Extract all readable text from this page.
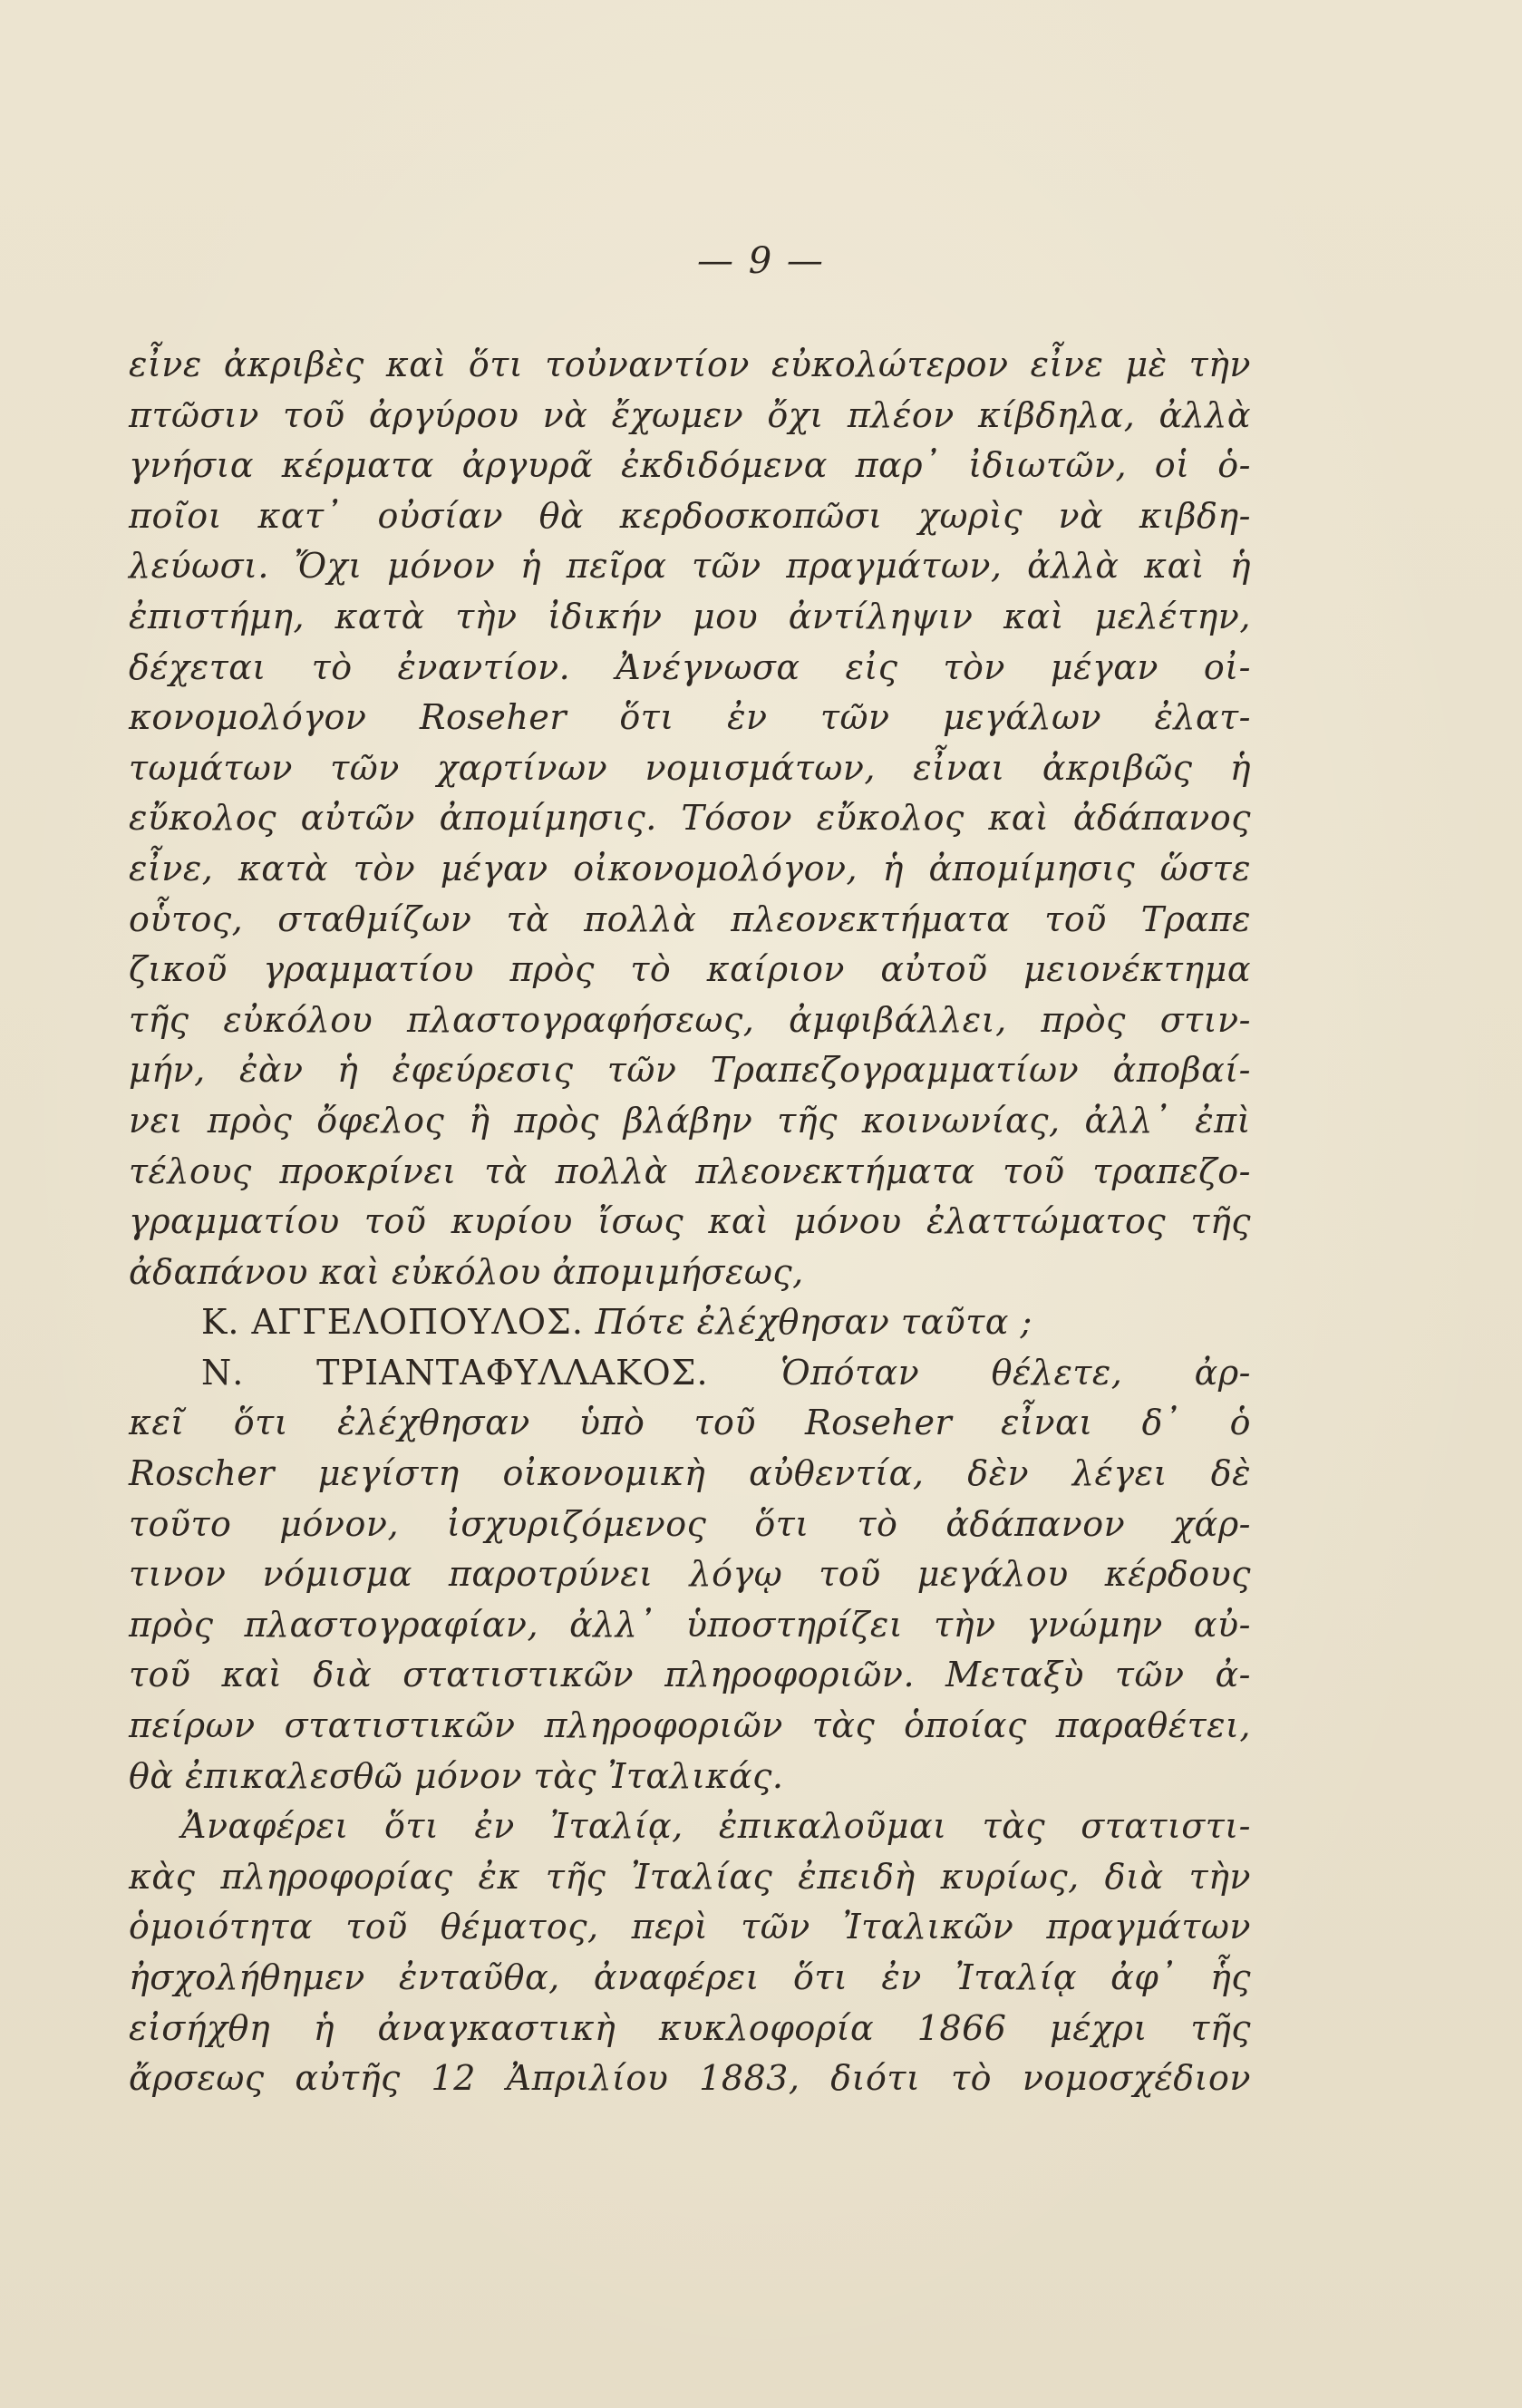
— 9 —
εἶνε ἀκριβὲς καὶ ὅτι τοὐναντίον εὐκολώτερον εἶνε μὲ τὴν
πτῶσιν τοῦ ἀργύρου νὰ ἔχωμεν ὄχι πλέον κίβδηλα, ἀλλὰ
γνήσια κέρματα ἀργυρᾶ ἐκδιδόμενα παρ᾽ ἰδιωτῶν, οἱ ὁ-
ποῖοι κατ᾽ οὐσίαν θὰ κερδοσκοπῶσι χωρὶς νὰ κιβδη-
λεύωσι. Ὄχι μόνον ἡ πεῖρα τῶν πραγμάτων, ἀλλὰ καὶ ἡ
ἐπιστήμη, κατὰ τὴν ἰδικήν μου ἀντίληψιν καὶ μελέτην,
δέχεται τὸ ἐναντίον. Ἀνέγνωσα εἰς τὸν μέγαν οἰ-
κονομολόγον Roseher ὅτι ἐν τῶν μεγάλων ἐλατ-
τωμάτων τῶν χαρτίνων νομισμάτων, εἶναι ἀκριβῶς ἡ
εὔκολος αὐτῶν ἀπομίμησις. Τόσον εὔκολος καὶ ἀδάπανος
εἶνε, κατὰ τὸν μέγαν οἰκονομολόγον, ἡ ἀπομίμησις ὥστε
οὗτος, σταθμίζων τὰ πολλὰ πλεονεκτήματα τοῦ Τραπε
ζικοῦ γραμματίου πρὸς τὸ καίριον αὐτοῦ μειονέκτημα
τῆς εὐκόλου πλαστογραφήσεως, ἀμφιβάλλει, πρὸς στιν-
μήν, ἐὰν ἡ ἐφεύρεσις τῶν Τραπεζογραμματίων ἀποβαί-
νει πρὸς ὄφελος ἢ πρὸς βλάβην τῆς κοινωνίας, ἀλλ᾽ ἐπὶ
τέλους προκρίνει τὰ πολλὰ πλεονεκτήματα τοῦ τραπεζο-
γραμματίου τοῦ κυρίου ἴσως καὶ μόνου ἐλαττώματος τῆς
ἀδαπάνου καὶ εὐκόλου ἀπομιμήσεως,
Κ. ΑΓΓΕΛΟΠΟΥΛΟΣ. Πότε ἐλέχθησαν ταῦτα ;
Ν. ΤΡΙΑΝΤΑΦΥΛΛΑΚΟΣ. Ὁπόταν θέλετε, ἀρ-
κεῖ ὅτι ἐλέχθησαν ὑπὸ τοῦ Roseher εἶναι δ᾽ ὁ
Roscher μεγίστη οἰκονομικὴ αὐθεντία, δὲν λέγει δὲ
τοῦτο μόνον, ἰσχυριζόμενος ὅτι τὸ ἀδάπανον χάρ-
τινον νόμισμα παροτρύνει λόγῳ τοῦ μεγάλου κέρδους
πρὸς πλαστογραφίαν, ἀλλ᾽ ὑποστηρίζει τὴν γνώμην αὐ-
τοῦ καὶ διὰ στατιστικῶν πληροφοριῶν. Μεταξὺ τῶν ἀ-
πείρων στατιστικῶν πληροφοριῶν τὰς ὁποίας παραθέτει,
θὰ ἐπικαλεσθῶ μόνον τὰς Ἰταλικάς.
Ἀναφέρει ὅτι ἐν Ἰταλίᾳ, ἐπικαλοῦμαι τὰς στατιστι-
κὰς πληροφορίας ἐκ τῆς Ἰταλίας ἐπειδὴ κυρίως, διὰ τὴν
ὁμοιότητα τοῦ θέματος, περὶ τῶν Ἰταλικῶν πραγμάτων
ἠσχολήθημεν ἐνταῦθα, ἀναφέρει ὅτι ἐν Ἰταλίᾳ ἀφ᾽ ἧς
εἰσήχθη ἡ ἀναγκαστικὴ κυκλοφορία 1866 μέχρι τῆς
ἄρσεως αὐτῆς 12 Ἀπριλίου 1883, διότι τὸ νομοσχέδιον
